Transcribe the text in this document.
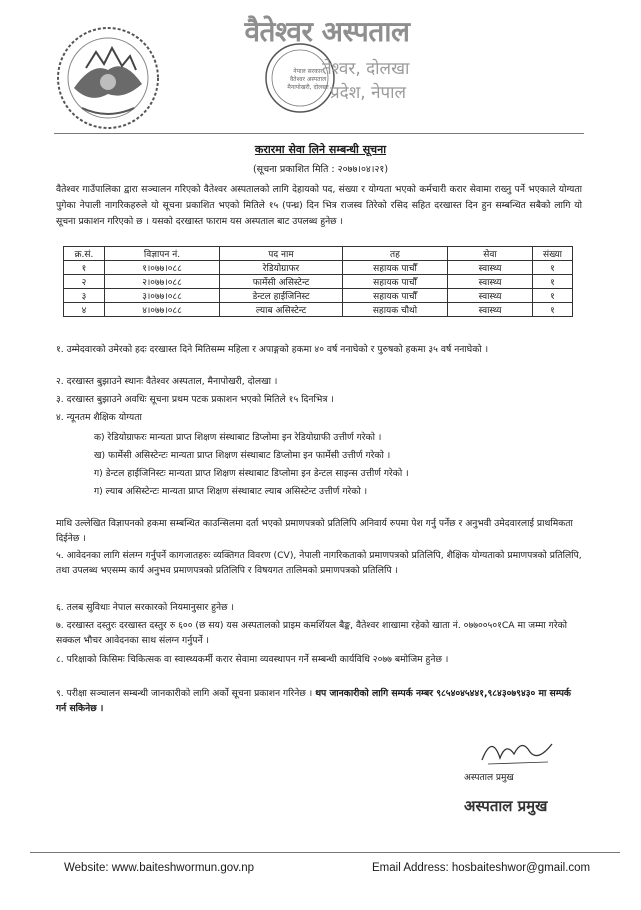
वैतेश्वर अस्पताल
नेपाल सरकार
वैतेश्वर अस्पताल
मैनापोखरी, दोलखा
तेश्वर, दोलखा
प्रदेश, नेपाल
करारमा सेवा लिने सम्बन्धी सूचना
(सूचना प्रकाशित मिति : २०७७।०४।२१)
वैतेश्वर गाउँपालिका द्वारा सञ्चालन गरिएको वैतेश्वर अस्पतालको लागि देहायको पद, संख्या र योग्यता भएको कर्मचारी करार सेवामा राख्नु पर्ने भएकाले योग्यता पुगेका नेपाली नागरिकहरुले यो सूचना प्रकाशित भएको मितिले १५ (पन्ध्र) दिन भित्र राजस्व तिरेको रसिद सहित दरखास्त दिन हुन सम्बन्धित सबैको लागि यो सूचना प्रकाशन गरिएको छ । यसको दरखास्त फाराम यस अस्पताल बाट उपलब्ध हुनेछ ।
क्र.सं.	विज्ञापन नं.	पद नाम	तह	सेवा	संख्या
१	१।०७७।०८८	रेडियोग्राफर	सहायक पाचौँ	स्वास्थ्य	१
२	२।०७७।०८८	फार्मेसी असिस्टेन्ट	सहायक पाचौँ	स्वास्थ्य	१
३	३।०७७।०८८	डेन्टल हाईजिनिस्ट	सहायक पाचौँ	स्वास्थ्य	१
४	४।०७७।०८८	ल्याब असिस्टेन्ट	सहायक चौथो	स्वास्थ्य	१
१. उम्मेदवारको उमेरको हदः दरखास्त दिने मितिसम्म महिला र अपाङ्गको हकमा ४० वर्ष ननाघेको र पुरुषको हकमा ३५ वर्ष ननाघेको ।
२. दरखास्त बुझाउने स्थानः वैतेश्वर अस्पताल, मैनापोखरी, दोलखा ।
३. दरखास्त बुझाउने अवधिः सूचना प्रथम पटक प्रकाशन भएको मितिले १५ दिनभित्र ।
४. न्यूनतम शैक्षिक योग्यता
क) रेडियोग्राफरः मान्यता प्राप्त शिक्षण संस्थाबाट डिप्लोमा इन रेडियोग्राफी उत्तीर्ण गरेको ।
ख) फार्मेसी असिस्टेन्टः मान्यता प्राप्त शिक्षण संस्थाबाट डिप्लोमा इन फार्मेसी उत्तीर्ण गरेको ।
ग) डेन्टल हाईजिनिस्टः मान्यता प्राप्त शिक्षण संस्थाबाट डिप्लोमा इन डेन्टल साइन्स उत्तीर्ण गरेको ।
ग) ल्याब असिस्टेन्टः मान्यता प्राप्त शिक्षण संस्थाबाट ल्याब असिस्टेन्ट उत्तीर्ण गरेको ।
माथि उल्लेखित विज्ञापनको हकमा सम्बन्धित काउन्सिलमा दर्ता भएको प्रमाणपत्रको प्रतिलिपि अनिवार्य रुपमा पेश गर्नु पर्नेछ र अनुभवी उमेदवारलाई प्राथमिकता दिईनेछ ।
५. आवेदनका लागि संलग्न गर्नुपर्ने कागजातहरुः व्यक्तिगत विवरण (CV), नेपाली नागरिकताको प्रमाणपत्रको प्रतिलिपि, शैक्षिक योग्यताको प्रमाणपत्रको प्रतिलिपि, तथा उपलब्ध भएसम्म कार्य अनुभव प्रमाणपत्रको प्रतिलिपि र विषयगत तालिमको प्रमाणपत्रको प्रतिलिपि ।
६. तलब सुविधाः नेपाल सरकारको नियमानुसार हुनेछ ।
७. दरखास्त दस्तुरः दरखास्त दस्तुर रु ६०० (छ सय) यस अस्पतालको प्राइम कमर्शियल बैङ्क, वैतेश्वर शाखामा रहेको खाता नं. ०७७००५०१CA मा जम्मा गरेको सक्कल भौचर आवेदनका साथ संलग्न गर्नुपर्ने ।
८. परिक्षाको किसिमः चिकित्सक वा स्वास्थ्यकर्मी करार सेवामा व्यवस्थापन गर्ने सम्बन्धी कार्यविधि २०७७ बमोजिम हुनेछ ।
९. परीक्षा सञ्चालन सम्बन्धी जानकारीको लागि अर्को सूचना प्रकाशन गरिनेछ । थप जानकारीको लागि सम्पर्क नम्बर ९८५४०४५४४१,९८४३०७९४३० मा सम्पर्क गर्न सकिनेछ ।
अस्पताल प्रमुख
अस्पताल प्रमुख
Website: www.baiteshwormun.gov.np	Email Address: hosbaiteshwor@gmail.com
